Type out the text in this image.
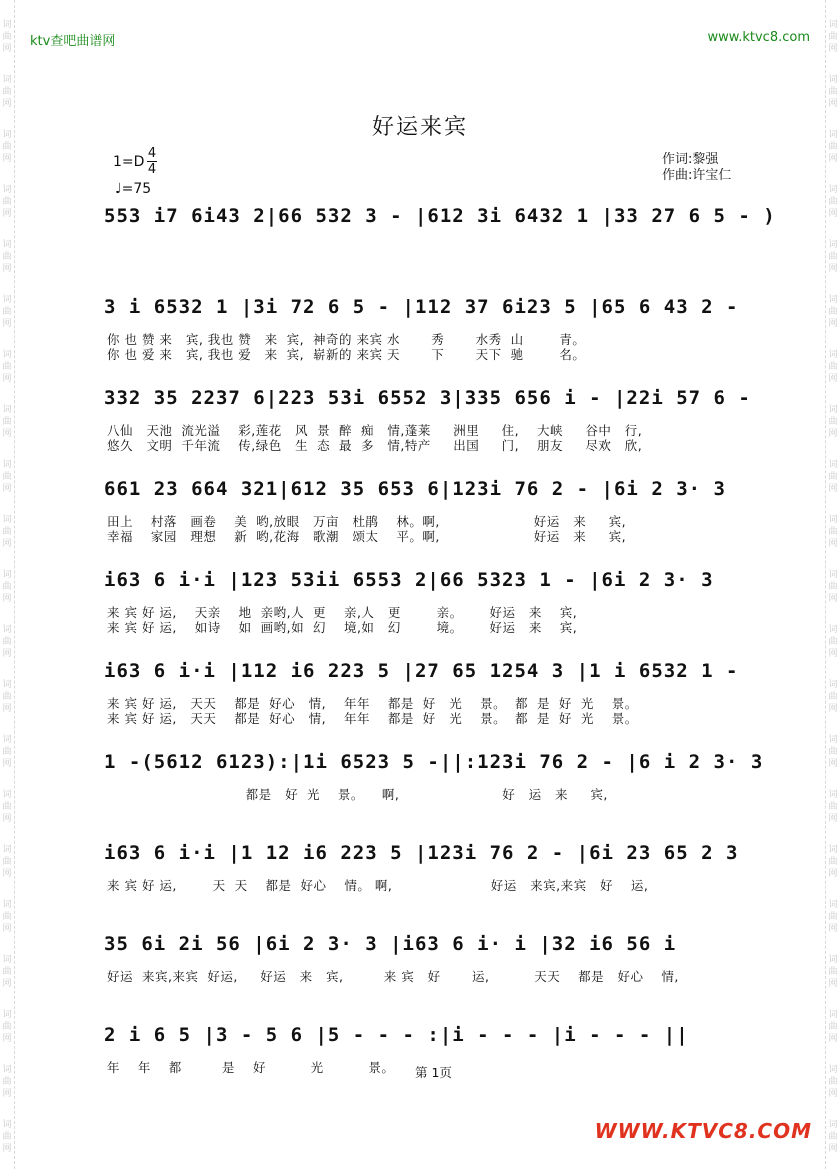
词
曲
网
词
曲
网
词
曲
网
词
曲
网
词
曲
网
词
曲
网
词
曲
网
词
曲
网
词
曲
网
词
曲
网
词
曲
网
词
曲
网
词
曲
网
词
曲
网
词
曲
网
词
曲
网
词
曲
网
词
曲
网
词
曲
网
词
曲
网
词
曲
网
词
曲
网
词
曲
网
词
曲
网
词
曲
网
词
曲
网
词
曲
网
词
曲
网
词
曲
网
词
曲
网
词
曲
网
词
曲
网
词
曲
网
词
曲
网
词
曲
网
词
曲
网
词
曲
网
词
曲
网
词
曲
网
词
曲
网
词
曲
网
词
曲
网
ktv查吧曲谱网	www.ktvc8.com
好运来宾
1=D
4
4
♩=75
作词:黎强
作曲:许宝仁
553 i7 6i43 2|66 532 3 - |612 3i 6432 1 |33 27 6 5 - )
3 i 6532 1 |3i 72 6 5 - |112 37 6i23 5 |65 6 43 2 -
你 也 赞 来   宾, 我也 赞   来  宾,  神奇的 来宾 水       秀       水秀  山        青。
你 也 爱 来   宾, 我也 爱   来  宾,  崭新的 来宾 天       下       天下  驰        名。
332 35 2237 6|223 53i 6552 3|335 656 i - |22i 57 6 -
八仙   天池  流光溢    彩,莲花   风  景  醉  痴   情,蓬莱     洲里     住,    大峡     谷中   行,
悠久   文明  千年流    传,绿色   生  态  最  多   情,特产     出国     门,    朋友     尽欢   欣,
661 23 664 321|612 35 653 6|123i 76 2 - |6i 2 3· 3
田上    村落   画卷    美  哟,放眼   万亩   杜鹃    林。啊,                     好运   来     宾,
幸福    家园   理想    新  哟,花海   歌潮   颂太    平。啊,                     好运   来     宾,
i63 6 i·i |123 53ii 6553 2|66 5323 1 - |6i 2 3· 3
来 宾 好 运,    天亲    地  亲哟,人  更    亲,人   更        亲。      好运   来    宾,
来 宾 好 运,    如诗    如  画哟,如  幻    境,如   幻        境。      好运   来    宾,
i63 6 i·i |112 i6 223 5 |27 65 1254 3 |1 i 6532 1 -
来 宾 好 运,   天天    都是  好心   情,    年年    都是  好   光    景。  都  是  好  光    景。
来 宾 好 运,   天天    都是  好心   情,    年年    都是  好   光    景。  都  是  好  光    景。
1 -(5612 6123):|1i 6523 5 -||:123i 76 2 - |6 i 2 3· 3
都是   好  光    景。    啊,                       好   运   来     宾,
i63 6 i·i |1 12 i6 223 5 |123i 76 2 - |6i 23 65 2 3
来 宾 好 运,        天  天    都是  好心    情。 啊,                      好运   来宾,来宾   好    运,
35 6i 2i 56 |6i 2 3· 3 |i63 6 i· i |32 i6 56 i
好运  来宾,来宾  好运,     好运   来   宾,         来 宾   好       运,          天天    都是   好心    情,
2 i 6 5 |3 - 5 6 |5 - - - :|i - - - |i - - - ||
年    年    都         是    好          光          景。	第 1页
WWW.KTVC8.COM
